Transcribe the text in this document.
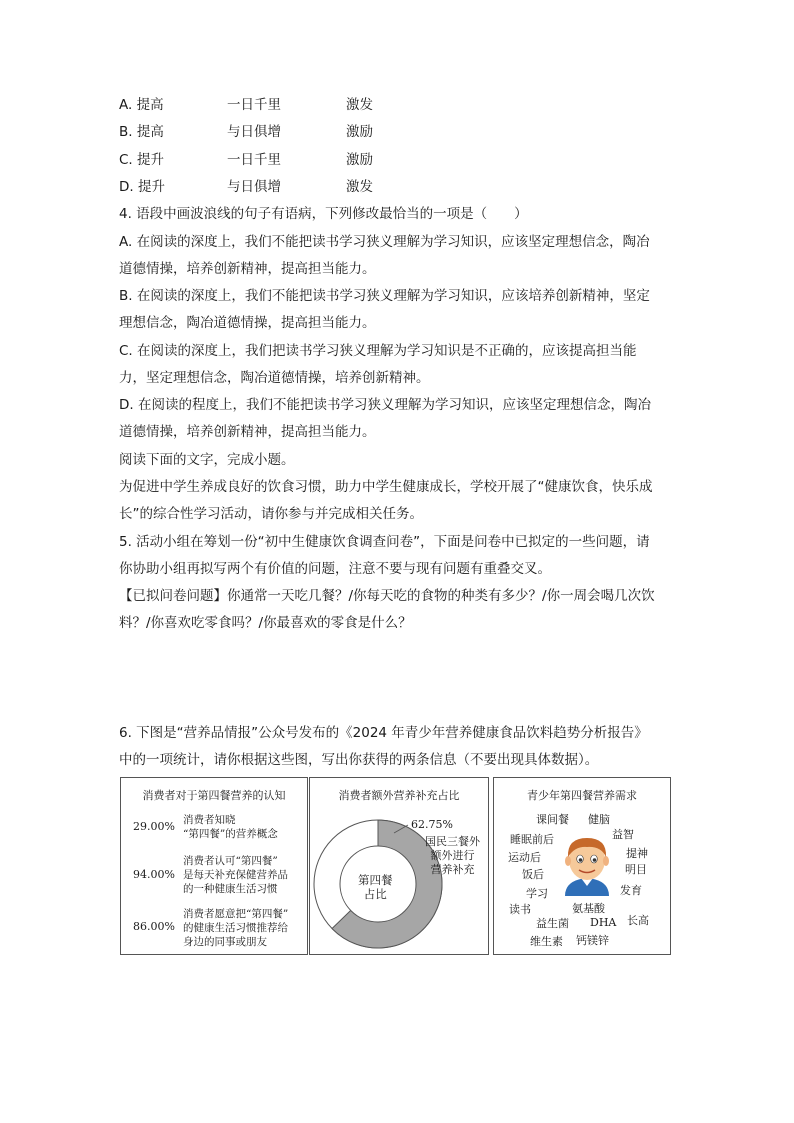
A. 提高	一日千里	激发
B. 提高	与日俱增	激励
C. 提升	一日千里	激励
D. 提升	与日俱增	激发
4. 语段中画波浪线的句子有语病，下列修改最恰当的一项是（　　）
A. 在阅读的深度上，我们不能把读书学习狭义理解为学习知识，应该坚定理想信念，陶冶
道德情操，培养创新精神，提高担当能力。
B. 在阅读的深度上，我们不能把读书学习狭义理解为学习知识，应该培养创新精神，坚定
理想信念，陶冶道德情操，提高担当能力。
C. 在阅读的深度上，我们把读书学习狭义理解为学习知识是不正确的，应该提高担当能
力，坚定理想信念，陶冶道德情操，培养创新精神。
D. 在阅读的程度上，我们不能把读书学习狭义理解为学习知识，应该坚定理想信念，陶冶
道德情操，培养创新精神，提高担当能力。
阅读下面的文字，完成小题。
为促进中学生养成良好的饮食习惯，助力中学生健康成长，学校开展了“健康饮食，快乐成
长”的综合性学习活动，请你参与并完成相关任务。
5. 活动小组在筹划一份“初中生健康饮食调查问卷”，下面是问卷中已拟定的一些问题，请
你协助小组再拟写两个有价值的问题，注意不要与现有问题有重叠交叉。
【已拟问卷问题】你通常一天吃几餐？/你每天吃的食物的种类有多少？/你一周会喝几次饮
料？/你喜欢吃零食吗？/你最喜欢的零食是什么？
6. 下图是“营养品情报”公众号发布的《2024 年青少年营养健康食品饮料趋势分析报告》
中的一项统计，请你根据这些图，写出你获得的两条信息（不要出现具体数据）。
消费者对于第四餐营养的认知
29.00% 消费者知晓
“第四餐”的营养概念
94.00%
消费者认可“第四餐”
是每天补充保健营养品
的一种健康生活习惯
86.00%
消费者愿意把“第四餐”
的健康生活习惯推荐给
身边的同事或朋友
消费者额外营养补充占比
62.75%
国民三餐外
额外进行
营养补充
第四餐
占比
青少年第四餐营养需求
课间餐 健脑
睡眠前后	益智
运动后	提神
明目
饭后
发育
学习
读书	氨基酸
益生菌 DHA 长高
维生素 钙镁锌
